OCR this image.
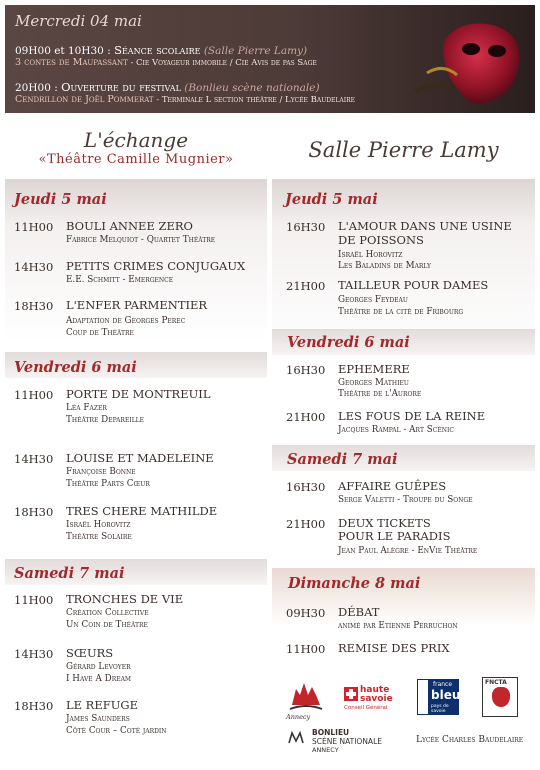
Mercredi 04 mai
09H00 et 10H30 : Séance scolaire (Salle Pierre Lamy)
3 contes de Maupassant - Cie Voyageur immobile / Cie Avis de pas Sage
20H00 : Ouverture du festival (Bonlieu scène nationale)
Cendrillon de Joël Pommerat - Terminale L section théâtre / Lycée Baudelaire
L'échange
«Théâtre Camille Mugnier»	Salle Pierre Lamy
Jeudi 5 mai
11H00 BOULI ANNEE ZERO
Fabrice Melquiot - Quartet Théâtre
14H30 PETITS CRIMES CONJUGAUX
E.E. Schmitt - Emergence
18H30 L'ENFER PARMENTIER
Adaptation de Georges Perec
Coup de Théâtre
Vendredi 6 mai
11H00 PORTE DE MONTREUIL
Léa Fazer
Théâtre Depareille
14H30 LOUISE ET MADELEINE
Françoise Bonne
Théâtre Parts Cœur
18H30 TRES CHERE MATHILDE
Israël Horovitz
Théâtre Solaire
Samedi 7 mai
11H00 TRONCHES DE VIE
Création Collective
Un Coin de Théâtre
14H30 SŒURS
Gérard Levoyer
I Have A Dream
18H30 LE REFUGE
James Saunders
Côté Cour – Coté jardin
Jeudi 5 mai
16H30 L'AMOUR DANS UNE USINE
DE POISSONS
Israël Horovitz
Les Baladins de Marly
21H00 TAILLEUR POUR DAMES
Georges Feydeau
Théâtre de la cité de Fribourg
Vendredi 6 mai
16H30 EPHEMERE
Georges Mathieu
Théâtre de l'Aurore
21H00 LES FOUS DE LA REINE
Jacques Rampal - Art Scénic
Samedi 7 mai
16H30 AFFAIRE GUÊPES
Serge Valetti - Troupe du Songe
21H00 DEUX TICKETS
POUR LE PARADIS
Jean Paul Alègre - EnVie Théâtre
Dimanche 8 mai
09H30 DÉBAT
animé par Etienne Perruchon
11H00 REMISE DES PRIX
Annecy
haute
savoie
Conseil Général
france
bleu
pays de savoie
FNCTA
BONLIEU
SCÈNE NATIONALE
ANNECY
Lycée Charles Baudelaire
